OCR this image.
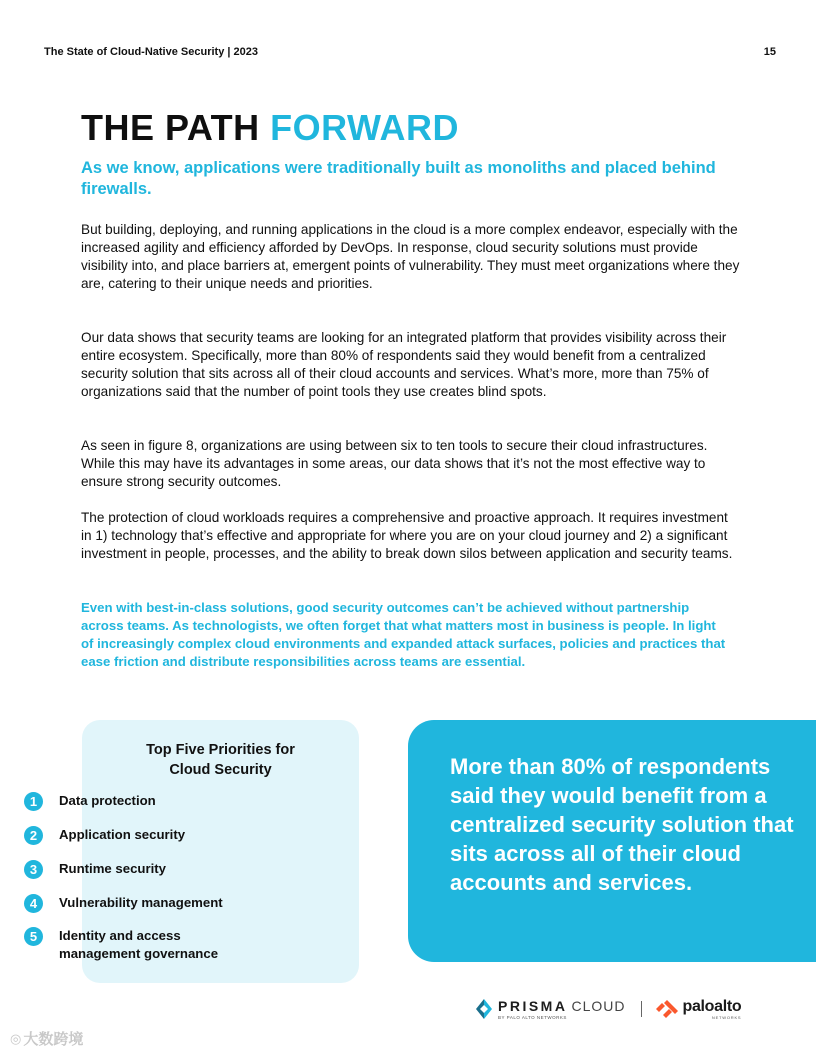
The State of Cloud-Native Security | 2023	15
THE PATH FORWARD

As we know, applications were traditionally built as monoliths and placed behind firewalls.

But building, deploying, and running applications in the cloud is a more complex endeavor, especially with the increased agility and efficiency afforded by DevOps. In response, cloud security solutions must provide visibility into, and place barriers at, emergent points of vulnerability. They must meet organizations where they are, catering to their unique needs and priorities.

Our data shows that security teams are looking for an integrated platform that provides visibility across their entire ecosystem. Specifically, more than 80% of respondents said they would benefit from a centralized security solution that sits across all of their cloud accounts and services. What’s more, more than 75% of organizations said that the number of point tools they use creates blind spots.

As seen in figure 8, organizations are using between six to ten tools to secure their cloud infrastructures. While this may have its advantages in some areas, our data shows that it’s not the most effective way to ensure strong security outcomes.

The protection of cloud workloads requires a comprehensive and proactive approach. It requires investment in 1) technology that’s effective and appropriate for where you are on your cloud journey and 2) a significant investment in people, processes, and the ability to break down silos between application and security teams.

Even with best-in-class solutions, good security outcomes can’t be achieved without partnership across teams. As technologists, we often forget that what matters most in business is people. In light of increasingly complex cloud environments and expanded attack surfaces, policies and practices that ease friction and distribute responsibilities across teams are essential.

Top Five Priorities for
Cloud Security
1	Data protection
2	Application security
3	Runtime security
4	Vulnerability management
5	Identity and access management governance

More than 80% of respondents said they would benefit from a centralized security solution that sits across all of their cloud accounts and services.

PRISMA CLOUD
BY PALO ALTO NETWORKS
paloalto
NETWORKS
◎ 大数跨境
